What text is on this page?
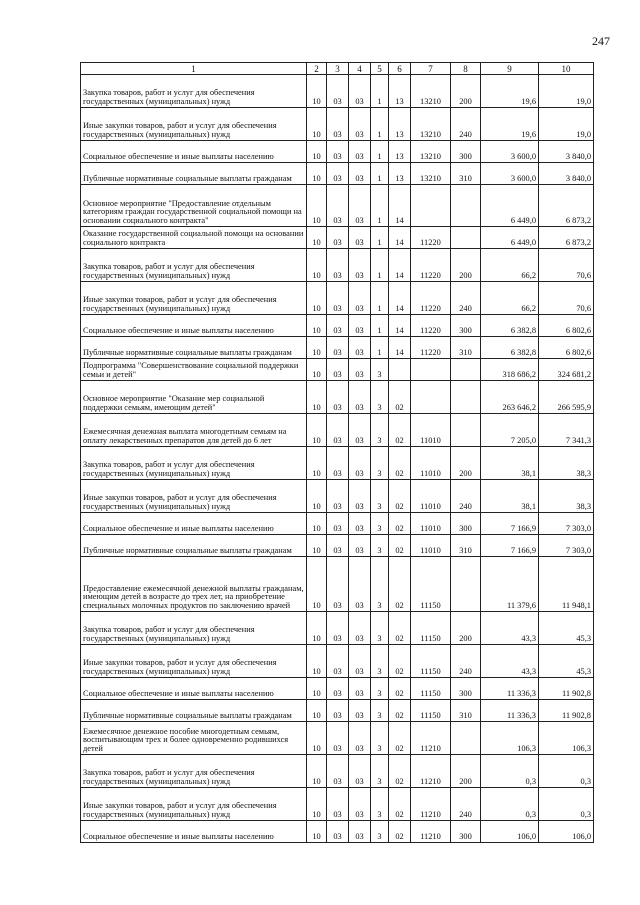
247
1	2	3	4	5	6	7	8	9	10
Закупка товаров, работ и услуг для обеспечения государственных (муниципальных) нужд	10	03	03	1	13	13210	200	19,6	19,0
Иные закупки товаров, работ и услуг для обеспечения государственных (муниципальных) нужд	10	03	03	1	13	13210	240	19,6	19,0
Социальное обеспечение и иные выплаты населению	10	03	03	1	13	13210	300	3 600,0	3 840,0
Публичные нормативные социальные выплаты гражданам	10	03	03	1	13	13210	310	3 600,0	3 840,0
Основное мероприятие "Предоставление отдельным категориям граждан государственной социальной помощи на основании социального контракта"	10	03	03	1	14			6 449,0	6 873,2
Оказание государственной социальной помощи на основании социального контракта	10	03	03	1	14	11220		6 449,0	6 873,2
Закупка товаров, работ и услуг для обеспечения государственных (муниципальных) нужд	10	03	03	1	14	11220	200	66,2	70,6
Иные закупки товаров, работ и услуг для обеспечения государственных (муниципальных) нужд	10	03	03	1	14	11220	240	66,2	70,6
Социальное обеспечение и иные выплаты населению	10	03	03	1	14	11220	300	6 382,8	6 802,6
Публичные нормативные социальные выплаты гражданам	10	03	03	1	14	11220	310	6 382,8	6 802,6
Подпрограмма "Совершенствование социальной поддержки семьи и детей"	10	03	03	3				318 686,2	324 681,2
Основное мероприятие "Оказание мер социальной поддержки семьям, имеющим детей"	10	03	03	3	02			263 646,2	266 595,9
Ежемесячная денежная выплата многодетным семьям на оплату лекарственных препаратов для детей до 6 лет	10	03	03	3	02	11010		7 205,0	7 341,3
Закупка товаров, работ и услуг для обеспечения государственных (муниципальных) нужд	10	03	03	3	02	11010	200	38,1	38,3
Иные закупки товаров, работ и услуг для обеспечения государственных (муниципальных) нужд	10	03	03	3	02	11010	240	38,1	38,3
Социальное обеспечение и иные выплаты населению	10	03	03	3	02	11010	300	7 166,9	7 303,0
Публичные нормативные социальные выплаты гражданам	10	03	03	3	02	11010	310	7 166,9	7 303,0
Предоставление ежемесячной денежной выплаты гражданам, имеющим детей в возрасте до трех лет, на приобретение специальных молочных продуктов по заключению врачей	10	03	03	3	02	11150		11 379,6	11 948,1
Закупка товаров, работ и услуг для обеспечения государственных (муниципальных) нужд	10	03	03	3	02	11150	200	43,3	45,3
Иные закупки товаров, работ и услуг для обеспечения государственных (муниципальных) нужд	10	03	03	3	02	11150	240	43,3	45,3
Социальное обеспечение и иные выплаты населению	10	03	03	3	02	11150	300	11 336,3	11 902,8
Публичные нормативные социальные выплаты гражданам	10	03	03	3	02	11150	310	11 336,3	11 902,8
Ежемесячное денежное пособие многодетным семьям, воспитывающим трех и более одновременно родившихся детей	10	03	03	3	02	11210		106,3	106,3
Закупка товаров, работ и услуг для обеспечения государственных (муниципальных) нужд	10	03	03	3	02	11210	200	0,3	0,3
Иные закупки товаров, работ и услуг для обеспечения государственных (муниципальных) нужд	10	03	03	3	02	11210	240	0,3	0,3
Социальное обеспечение и иные выплаты населению	10	03	03	3	02	11210	300	106,0	106,0
